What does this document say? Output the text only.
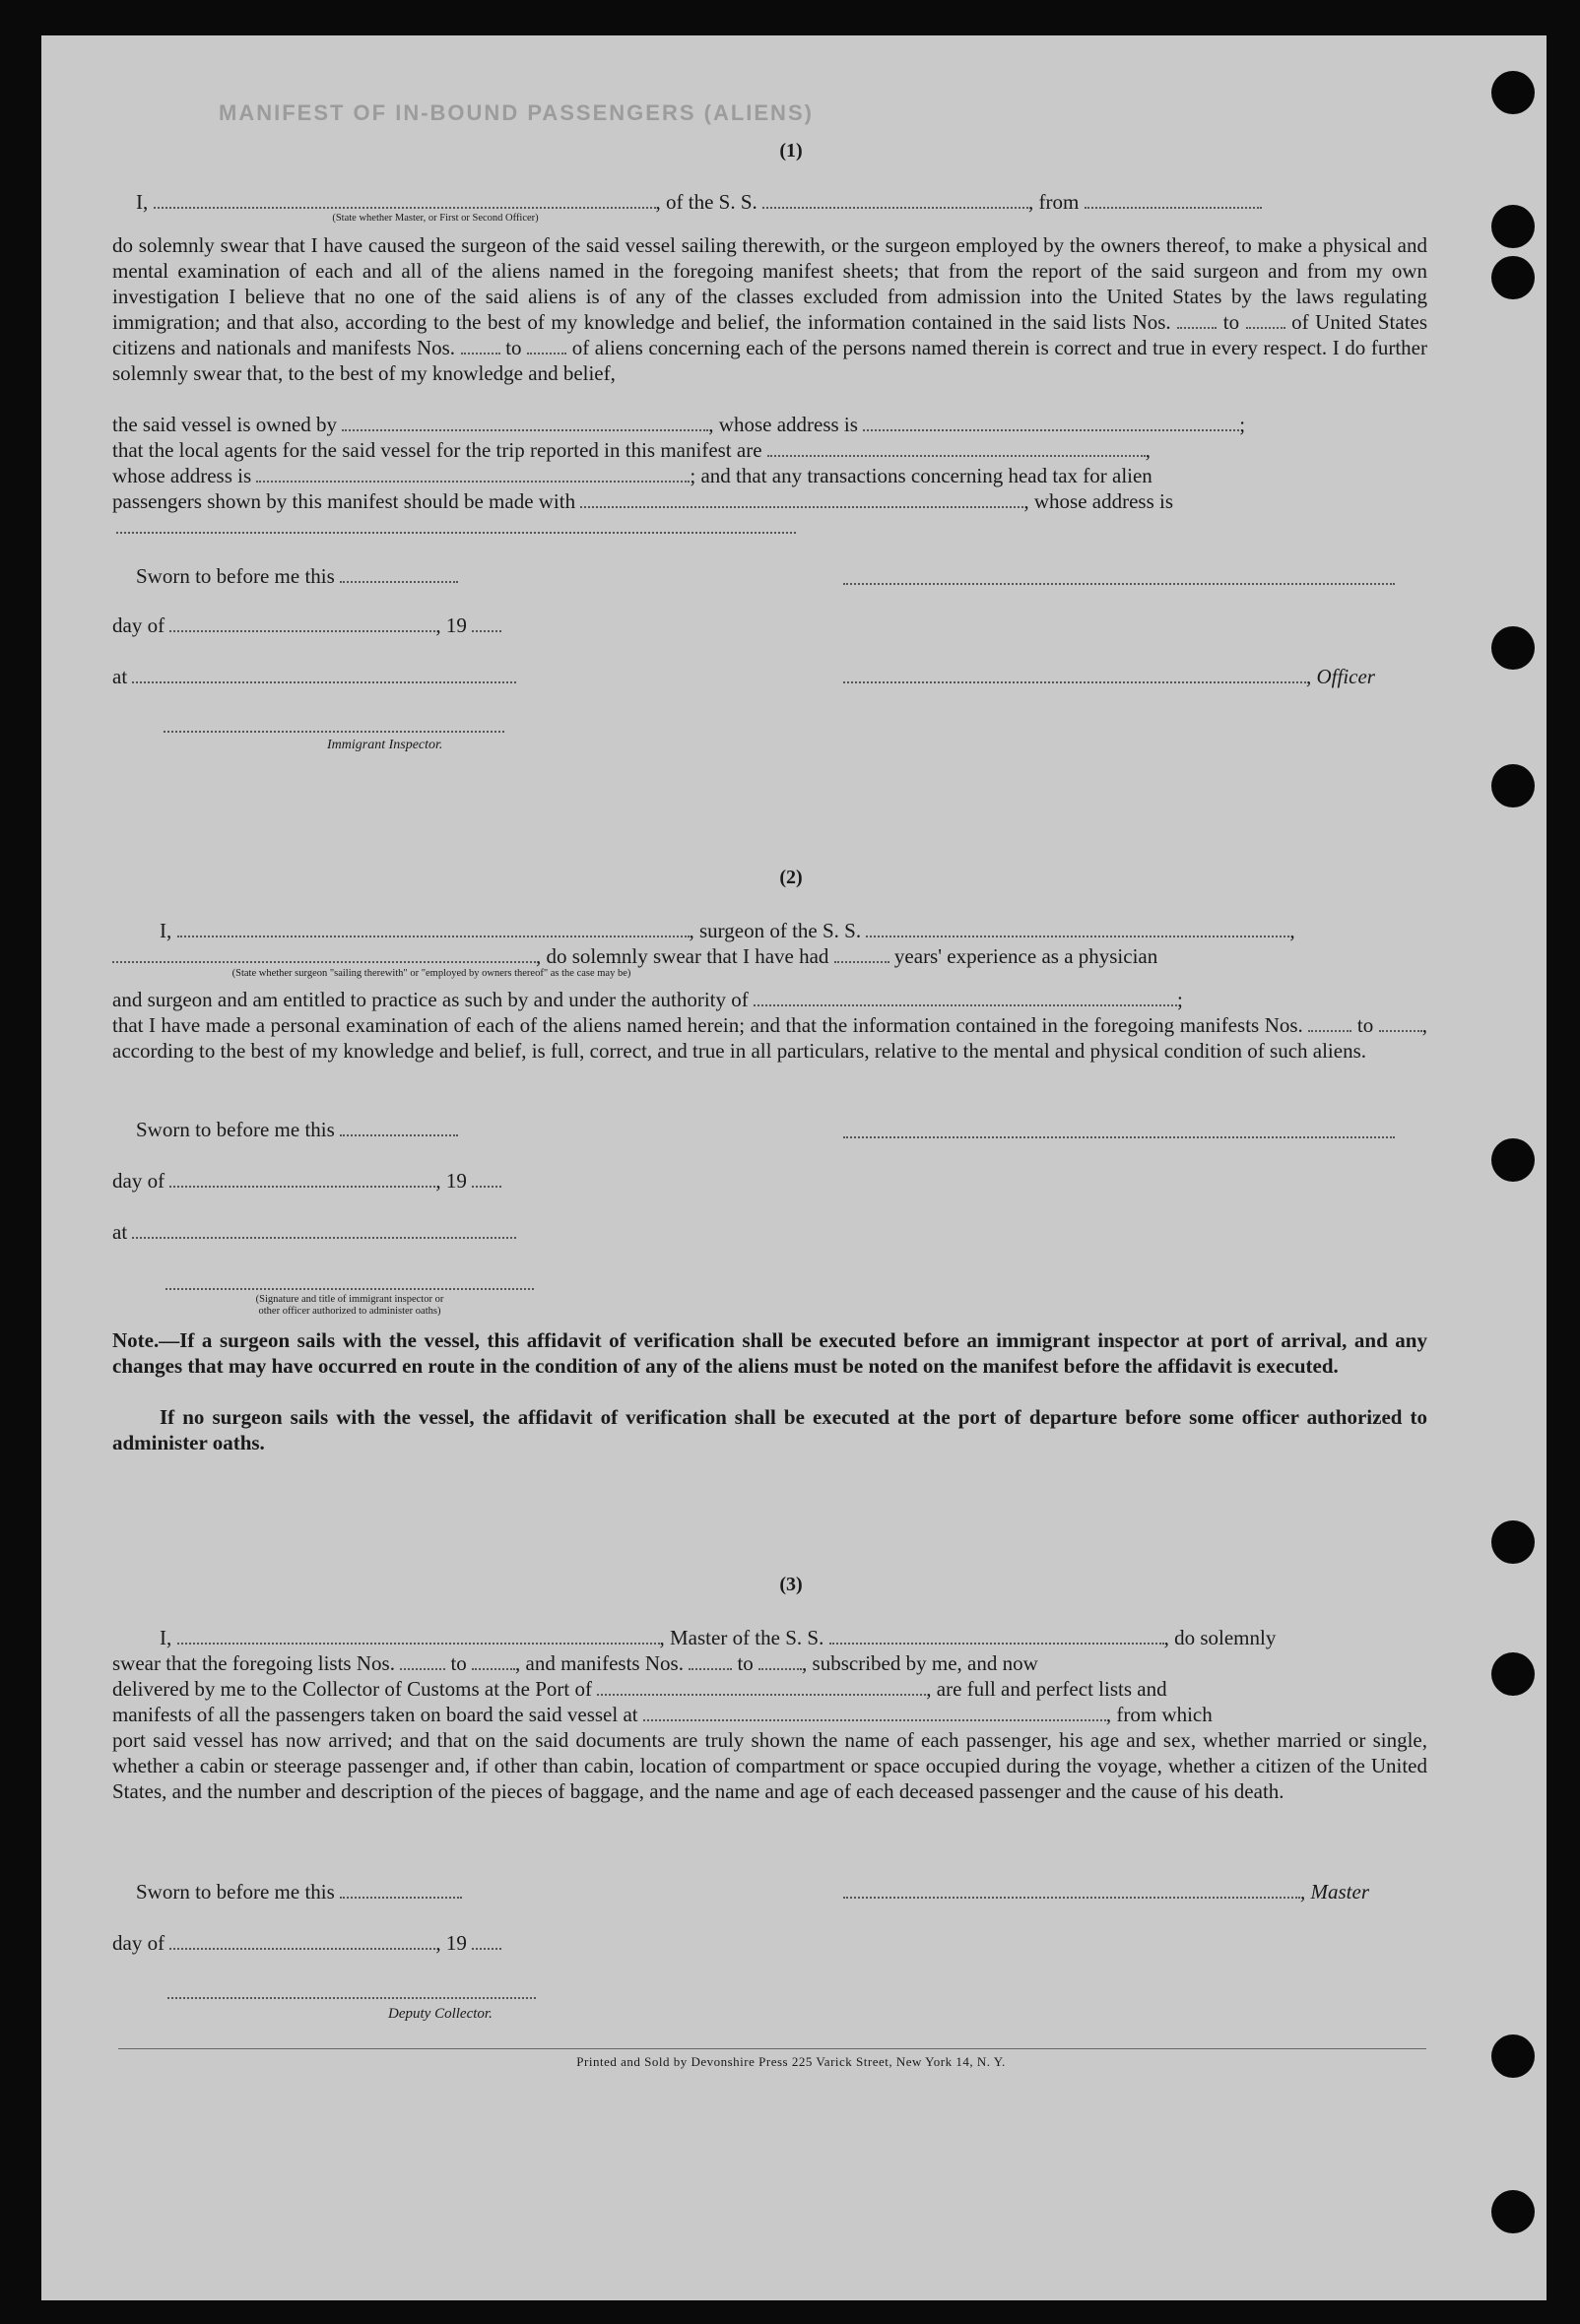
MANIFEST OF IN-BOUND PASSENGERS (ALIENS)
(1)
I,	, of the S. S.	, from
(State whether Master, or First or Second Officer)
do solemnly swear that I have caused the surgeon of the said vessel sailing therewith, or the surgeon employed by the owners thereof, to make a physical and mental examination of each and all of the aliens named in the foregoing manifest sheets; that from the report of the said surgeon and from my own investigation I believe that no one of the said aliens is of any of the classes excluded from admission into the United States by the laws regulating immigration; and that also, according to the best of my knowledge and belief, the information contained in the said lists Nos.	to	of United States citizens and nationals and manifests Nos. to of aliens concerning each of the persons named therein is correct and true in every respect. I do further solemnly swear that, to the best of my knowledge and belief,
the said vessel is owned by	, whose address is	;
that the local agents for the said vessel for the trip reported in this manifest are	,
whose address is	; and that any transactions concerning head tax for alien
passengers shown by this manifest should be made with	, whose address is
Sworn to before me this
day of	, 19
at	, Officer
Immigrant Inspector.
(2)
I,	, surgeon of the S. S.	,
, do solemnly swear that I have had	years' experience as a physician
(State whether surgeon "sailing therewith" or "employed by owners thereof" as the case may be)
and surgeon and am entitled to practice as such by and under the authority of	;
that I have made a personal examination of each of the aliens named herein; and that the information contained in the foregoing manifests Nos.	to , according to the best of my knowledge and belief, is full, correct, and true in all particulars, relative to the mental and physical condition of such aliens.
Sworn to before me this
day of	, 19
at
(Signature and title of immigrant inspector or
other officer authorized to administer oaths)
Note.—If a surgeon sails with the vessel, this affidavit of verification shall be executed before an immigrant inspector at port of arrival, and any changes that may have occurred en route in the condition of any of the aliens must be noted on the manifest before the affidavit is executed.
If no surgeon sails with the vessel, the affidavit of verification shall be executed at the port of departure before some officer authorized to administer oaths.
(3)
I,	, Master of the S. S.	, do solemnly
swear that the foregoing lists Nos.	to , and manifests Nos.	to , subscribed by me, and now
delivered by me to the Collector of Customs at the Port of	, are full and perfect lists and
manifests of all the passengers taken on board the said vessel at	, from which
port said vessel has now arrived; and that on the said documents are truly shown the name of each passenger, his age and sex, whether married or single, whether a cabin or steerage passenger and, if other than cabin, location of compartment or space occupied during the voyage, whether a citizen of the United States, and the number and description of the pieces of baggage, and the name and age of each deceased passenger and the cause of his death.
Sworn to before me this	, Master
day of	, 19
Deputy Collector.
Printed and Sold by Devonshire Press 225 Varick Street, New York 14, N. Y.
